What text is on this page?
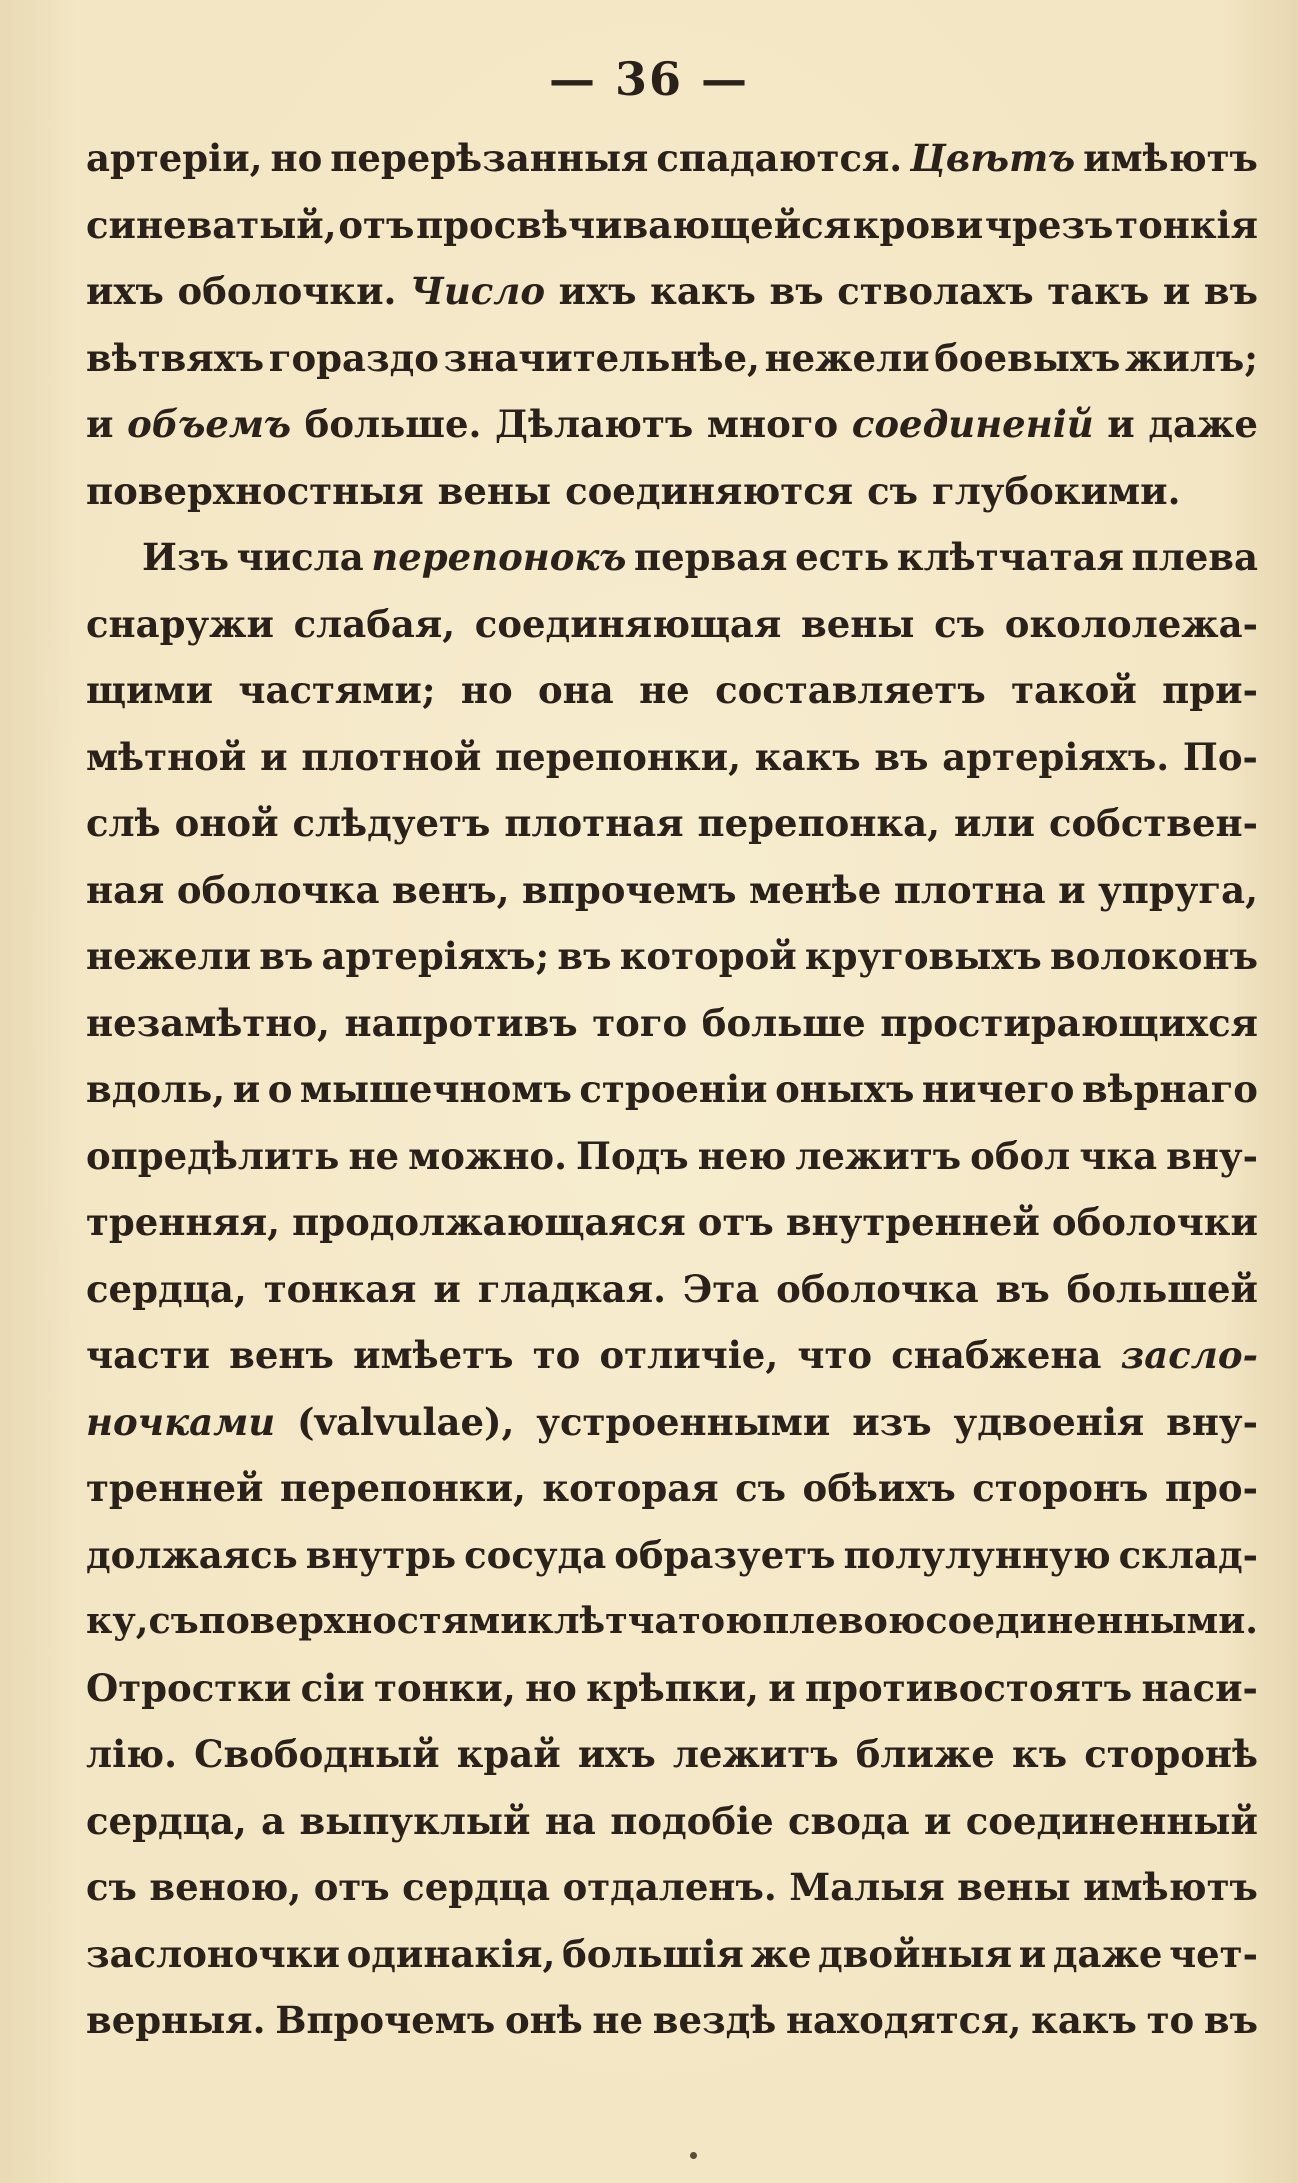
— 36 —
артеріи, но перерѣзанныя спадаются. Цвѣтъ имѣютъ
синеватый, отъ просвѣчивающейся крови чрезъ тонкія
ихъ оболочки. Число ихъ какъ въ стволахъ такъ и въ
вѣтвяхъ гораздо значительнѣе, нежели боевыхъ жилъ;
и объемъ больше. Дѣлаютъ много соединеній и даже
поверхностныя вены соединяются съ глубокими.
Изъ числа перепонокъ первая есть клѣтчатая плева
снаружи слабая, соединяющая вены съ окололежа-
щими частями; но она не составляетъ такой при-
мѣтной и плотной перепонки, какъ въ артеріяхъ. По-
слѣ оной слѣдуетъ плотная перепонка, или собствен-
ная оболочка венъ, впрочемъ менѣе плотна и упруга,
нежели въ артеріяхъ; въ которой круговыхъ волоконъ
незамѣтно, напротивъ того больше простирающихся
вдоль, и о мышечномъ строеніи оныхъ ничего вѣрнаго
опредѣлить не можно. Подъ нею лежитъ обол чка вну-
тренняя, продолжающаяся отъ внутренней оболочки
сердца, тонкая и гладкая. Эта оболочка въ большей
части венъ имѣетъ то отличіе, что снабжена засло-
ночками (valvulae), устроенными изъ удвоенія вну-
тренней перепонки, которая съ обѣихъ сторонъ про-
должаясь внутрь сосуда образуетъ полулунную склад-
ку, съ поверхностями клѣтчатою плевою соединенными.
Отростки сіи тонки, но крѣпки, и противостоятъ наси-
лію. Свободный край ихъ лежитъ ближе къ сторонѣ
сердца, а выпуклый на подобіе свода и соединенный
съ веною, отъ сердца отдаленъ. Малыя вены имѣютъ
заслоночки одинакія, большія же двойныя и даже чет-
верныя. Впрочемъ онѣ не вездѣ находятся, какъ то въ
